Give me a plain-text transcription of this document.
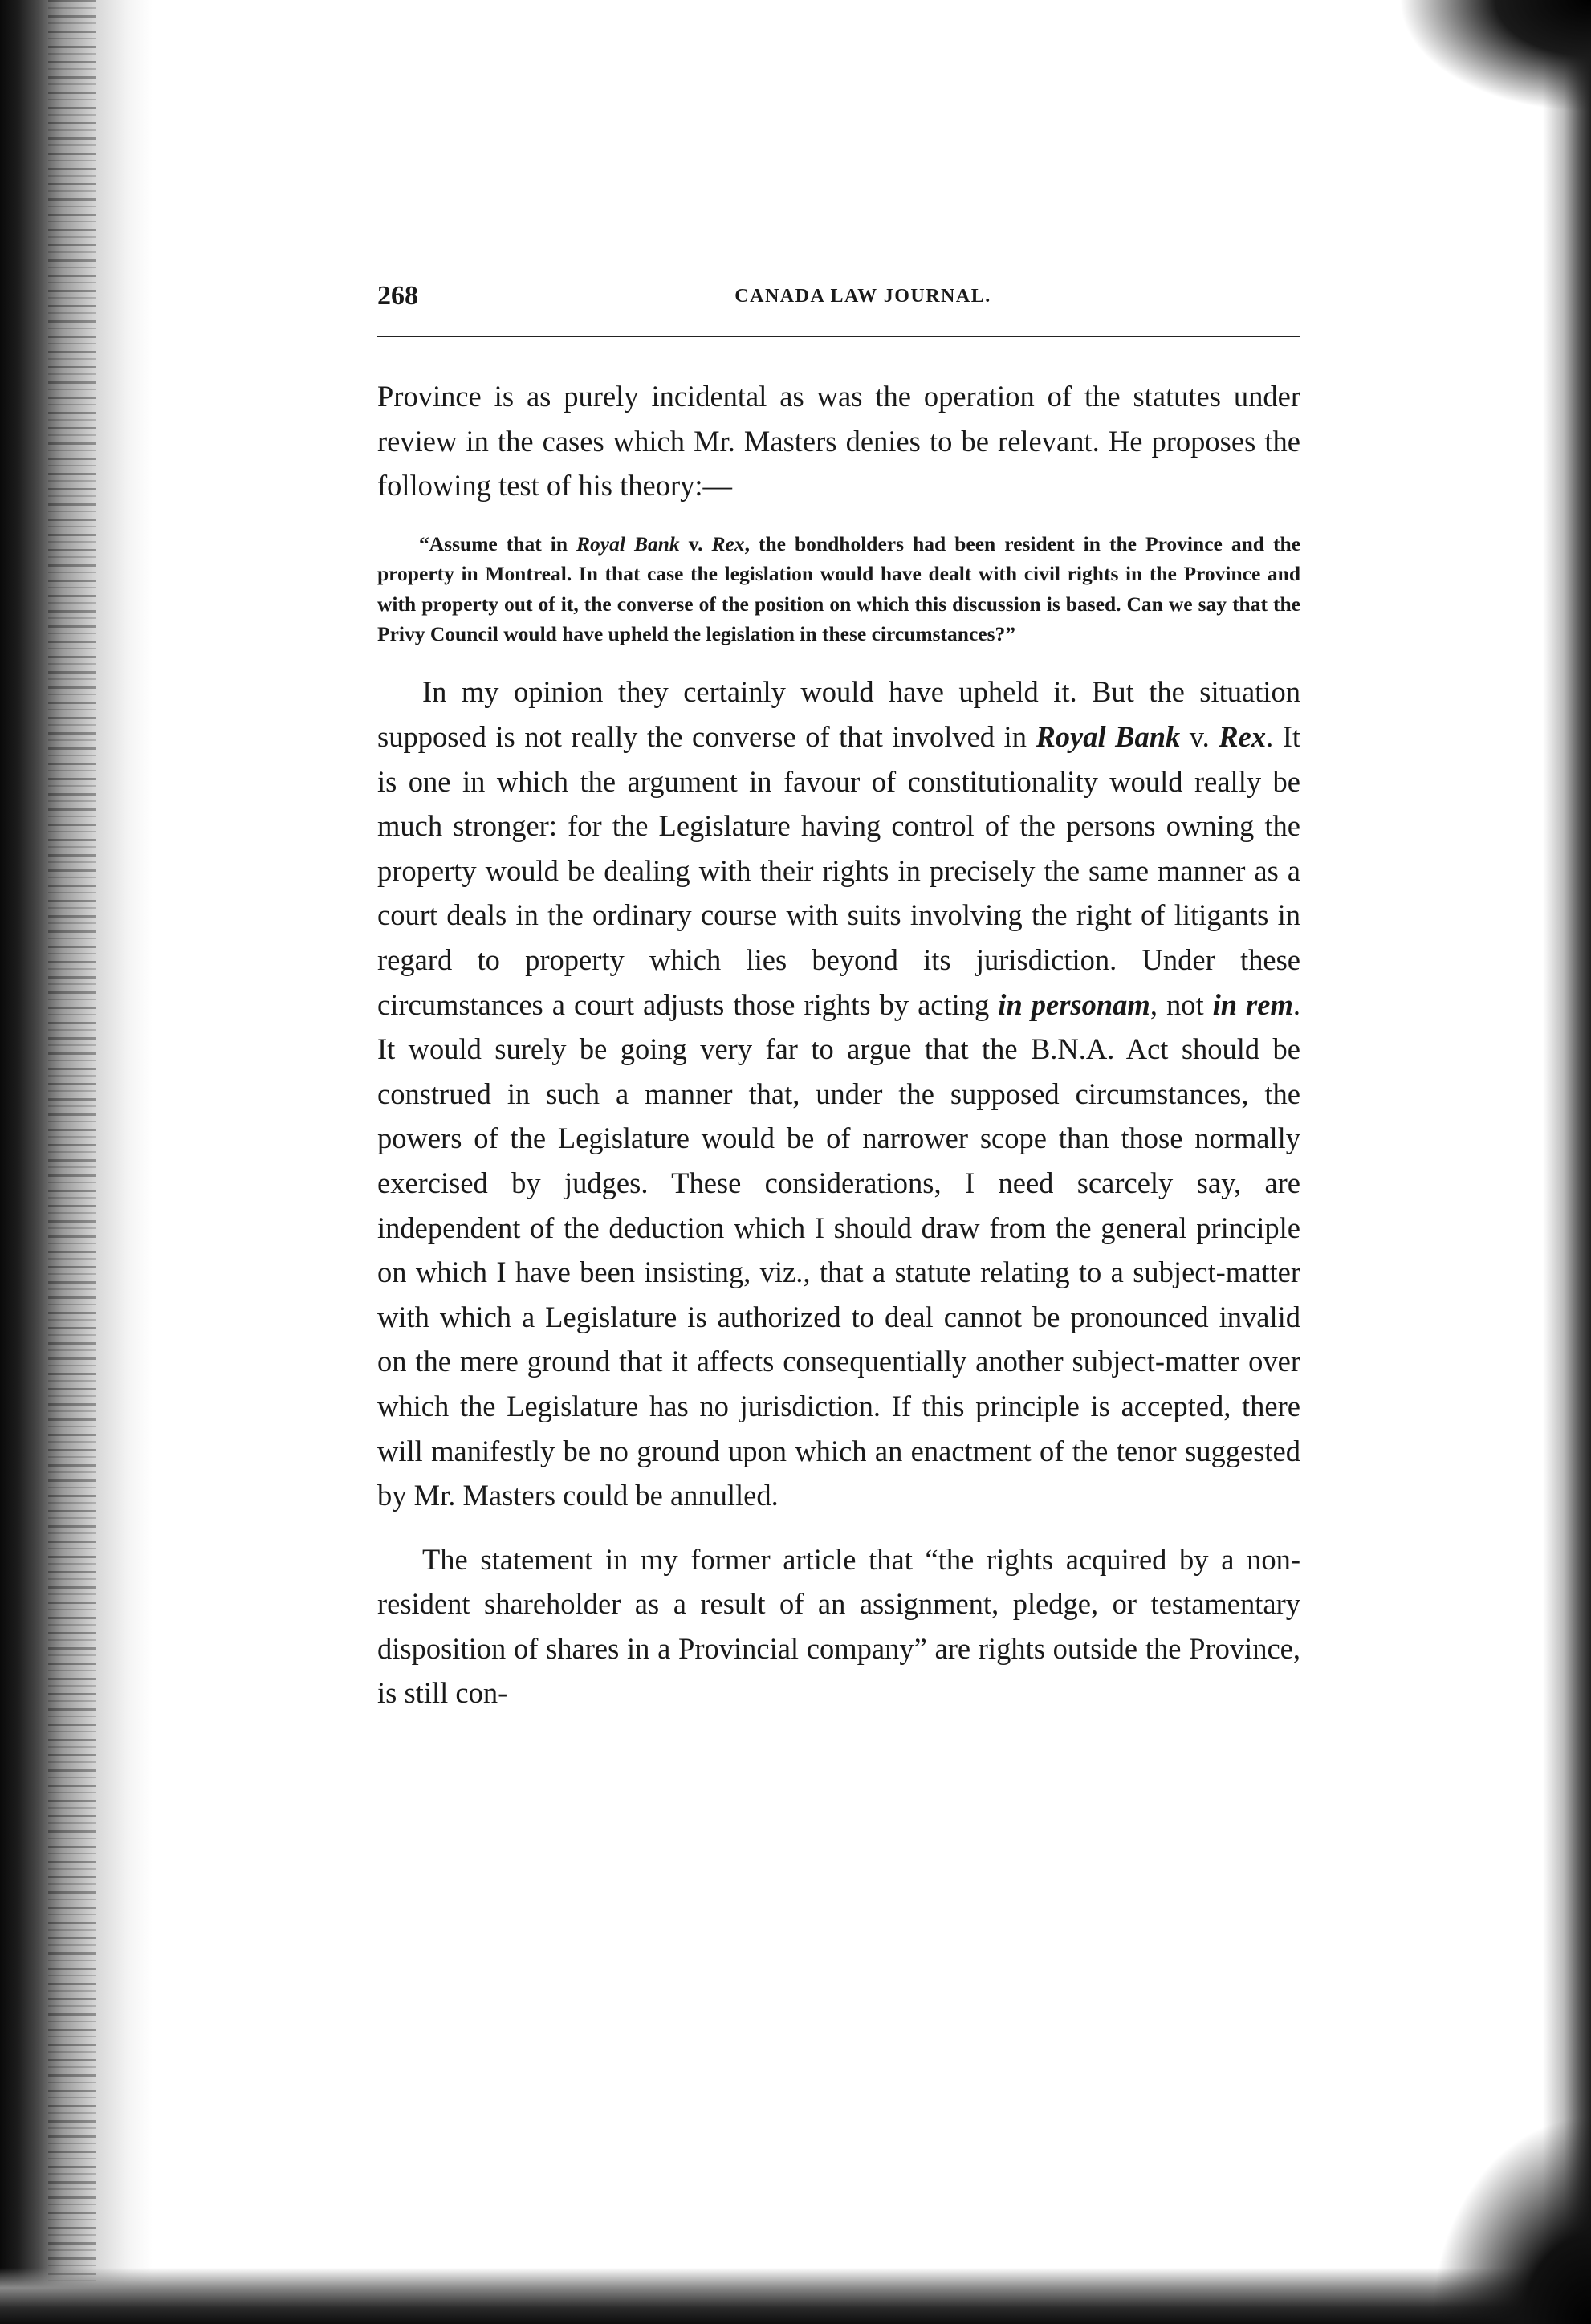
268	CANADA LAW JOURNAL.

Province is as purely incidental as was the operation of the statutes under review in the cases which Mr. Masters denies to be relevant. He proposes the following test of his theory:—

“Assume that in Royal Bank v. Rex, the bondholders had been resident in the Province and the property in Montreal. In that case the legislation would have dealt with civil rights in the Province and with property out of it, the converse of the position on which this discussion is based. Can we say that the Privy Council would have upheld the legislation in these circumstances?”

In my opinion they certainly would have upheld it. But the situation supposed is not really the converse of that involved in Royal Bank v. Rex. It is one in which the argument in favour of constitutionality would really be much stronger: for the Legislature having control of the persons owning the property would be dealing with their rights in precisely the same manner as a court deals in the ordinary course with suits involving the right of litigants in regard to property which lies beyond its jurisdiction. Under these circumstances a court adjusts those rights by acting in personam, not in rem. It would surely be going very far to argue that the B.N.A. Act should be construed in such a manner that, under the supposed circumstances, the powers of the Legislature would be of narrower scope than those normally exercised by judges. These considerations, I need scarcely say, are independent of the deduction which I should draw from the general principle on which I have been insisting, viz., that a statute relating to a subject-matter with which a Legislature is authorized to deal cannot be pronounced invalid on the mere ground that it affects consequentially another subject-matter over which the Legislature has no jurisdiction. If this principle is accepted, there will manifestly be no ground upon which an enactment of the tenor suggested by Mr. Masters could be annulled.

The statement in my former article that “the rights acquired by a non-resident shareholder as a result of an assignment, pledge, or testamentary disposition of shares in a Provincial company” are rights outside the Province, is still con-
